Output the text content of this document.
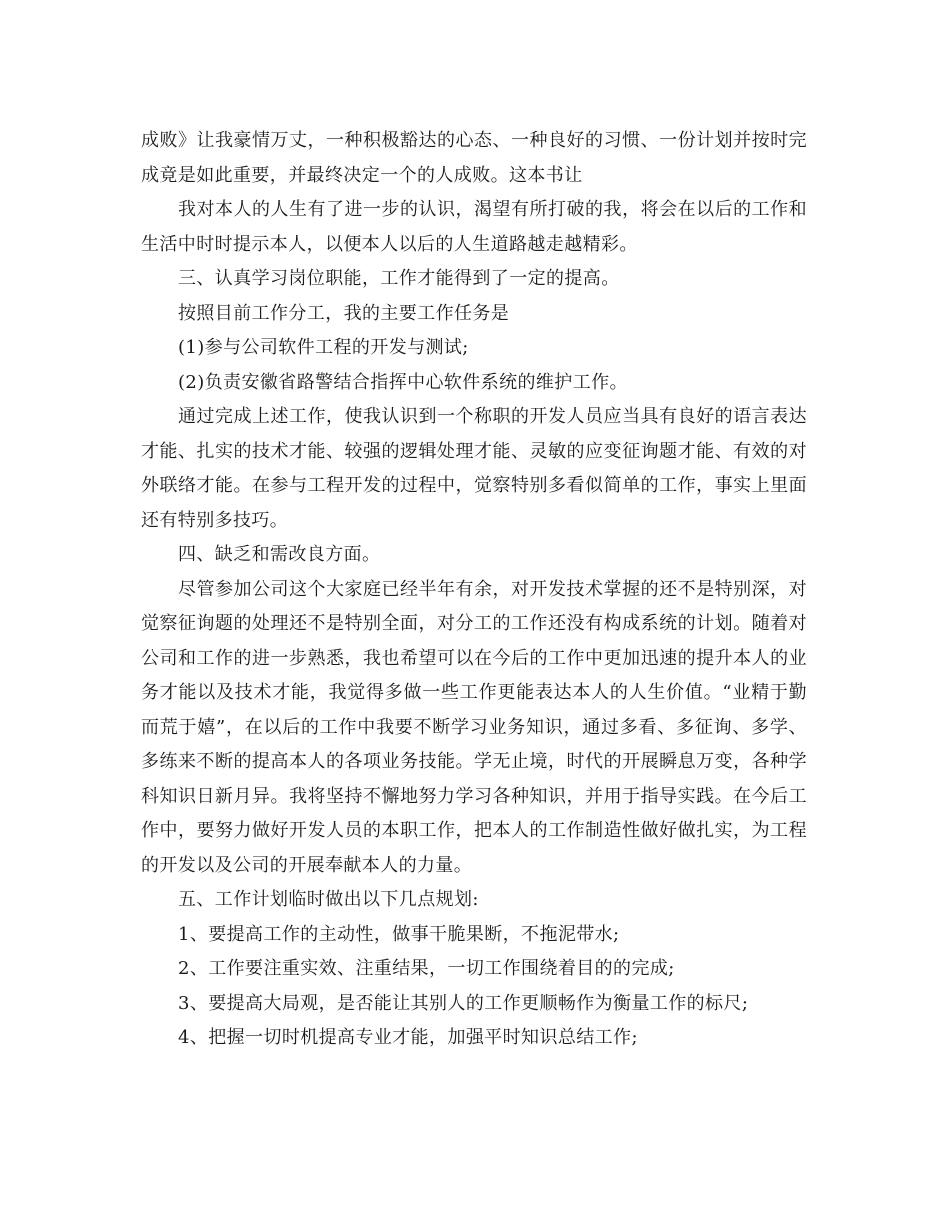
成败》让我豪情万丈，一种积极豁达的心态、一种良好的习惯、一份计划并按时完成竟是如此重要，并最终决定一个的人成败。这本书让

我对本人的人生有了进一步的认识，渴望有所打破的我，将会在以后的工作和生活中时时提示本人，以便本人以后的人生道路越走越精彩。

三、认真学习岗位职能，工作才能得到了一定的提高。

按照目前工作分工，我的主要工作任务是

(1)参与公司软件工程的开发与测试;

(2)负责安徽省路警结合指挥中心软件系统的维护工作。

通过完成上述工作，使我认识到一个称职的开发人员应当具有良好的语言表达才能、扎实的技术才能、较强的逻辑处理才能、灵敏的应变征询题才能、有效的对外联络才能。在参与工程开发的过程中，觉察特别多看似简单的工作，事实上里面还有特别多技巧。

四、缺乏和需改良方面。

尽管参加公司这个大家庭已经半年有余，对开发技术掌握的还不是特别深，对觉察征询题的处理还不是特别全面，对分工的工作还没有构成系统的计划。随着对公司和工作的进一步熟悉，我也希望可以在今后的工作中更加迅速的提升本人的业务才能以及技术才能，我觉得多做一些工作更能表达本人的人生价值。“业精于勤而荒于嬉”，在以后的工作中我要不断学习业务知识，通过多看、多征询、多学、多练来不断的提高本人的各项业务技能。学无止境，时代的开展瞬息万变，各种学科知识日新月异。我将坚持不懈地努力学习各种知识，并用于指导实践。在今后工作中，要努力做好开发人员的本职工作，把本人的工作制造性做好做扎实，为工程的开发以及公司的开展奉献本人的力量。

五、工作计划临时做出以下几点规划:

1、要提高工作的主动性，做事干脆果断，不拖泥带水;

2、工作要注重实效、注重结果，一切工作围绕着目的的完成;

3、要提高大局观，是否能让其别人的工作更顺畅作为衡量工作的标尺;

4、把握一切时机提高专业才能，加强平时知识总结工作;
